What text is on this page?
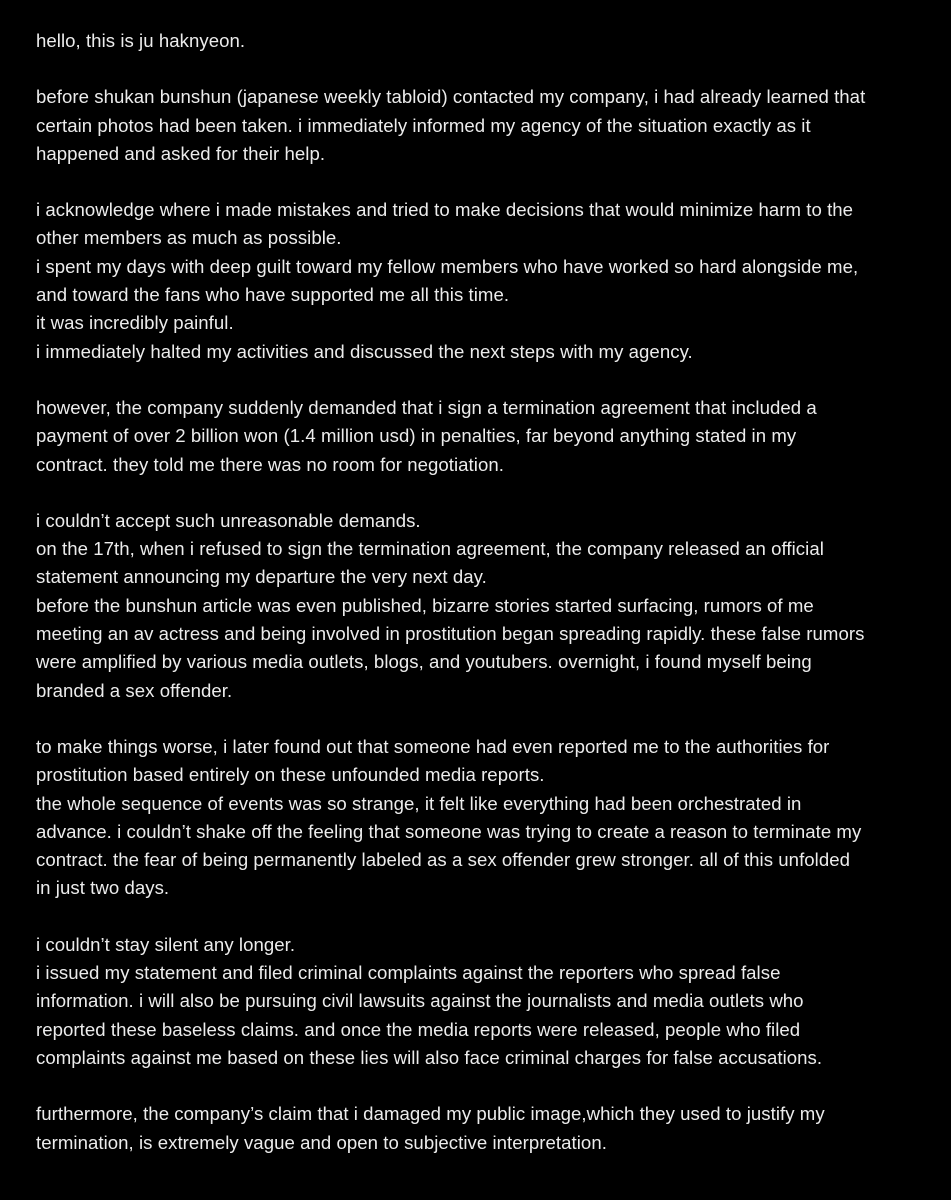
hello, this is ju haknyeon.
before shukan bunshun (japanese weekly tabloid) contacted my company, i had already learned that
certain photos had been taken. i immediately informed my agency of the situation exactly as it
happened and asked for their help.
i acknowledge where i made mistakes and tried to make decisions that would minimize harm to the
other members as much as possible.
i spent my days with deep guilt toward my fellow members who have worked so hard alongside me,
and toward the fans who have supported me all this time.
it was incredibly painful.
i immediately halted my activities and discussed the next steps with my agency.
however, the company suddenly demanded that i sign a termination agreement that included a
payment of over 2 billion won (1.4 million usd) in penalties, far beyond anything stated in my
contract. they told me there was no room for negotiation.
i couldn’t accept such unreasonable demands.
on the 17th, when i refused to sign the termination agreement, the company released an official
statement announcing my departure the very next day.
before the bunshun article was even published, bizarre stories started surfacing, rumors of me
meeting an av actress and being involved in prostitution began spreading rapidly. these false rumors
were amplified by various media outlets, blogs, and youtubers. overnight, i found myself being
branded a sex offender.
to make things worse, i later found out that someone had even reported me to the authorities for
prostitution based entirely on these unfounded media reports.
the whole sequence of events was so strange, it felt like everything had been orchestrated in
advance. i couldn’t shake off the feeling that someone was trying to create a reason to terminate my
contract. the fear of being permanently labeled as a sex offender grew stronger. all of this unfolded
in just two days.
i couldn’t stay silent any longer.
i issued my statement and filed criminal complaints against the reporters who spread false
information. i will also be pursuing civil lawsuits against the journalists and media outlets who
reported these baseless claims. and once the media reports were released, people who filed
complaints against me based on these lies will also face criminal charges for false accusations.
furthermore, the company’s claim that i damaged my public image,which they used to justify my
termination, is extremely vague and open to subjective interpretation.
